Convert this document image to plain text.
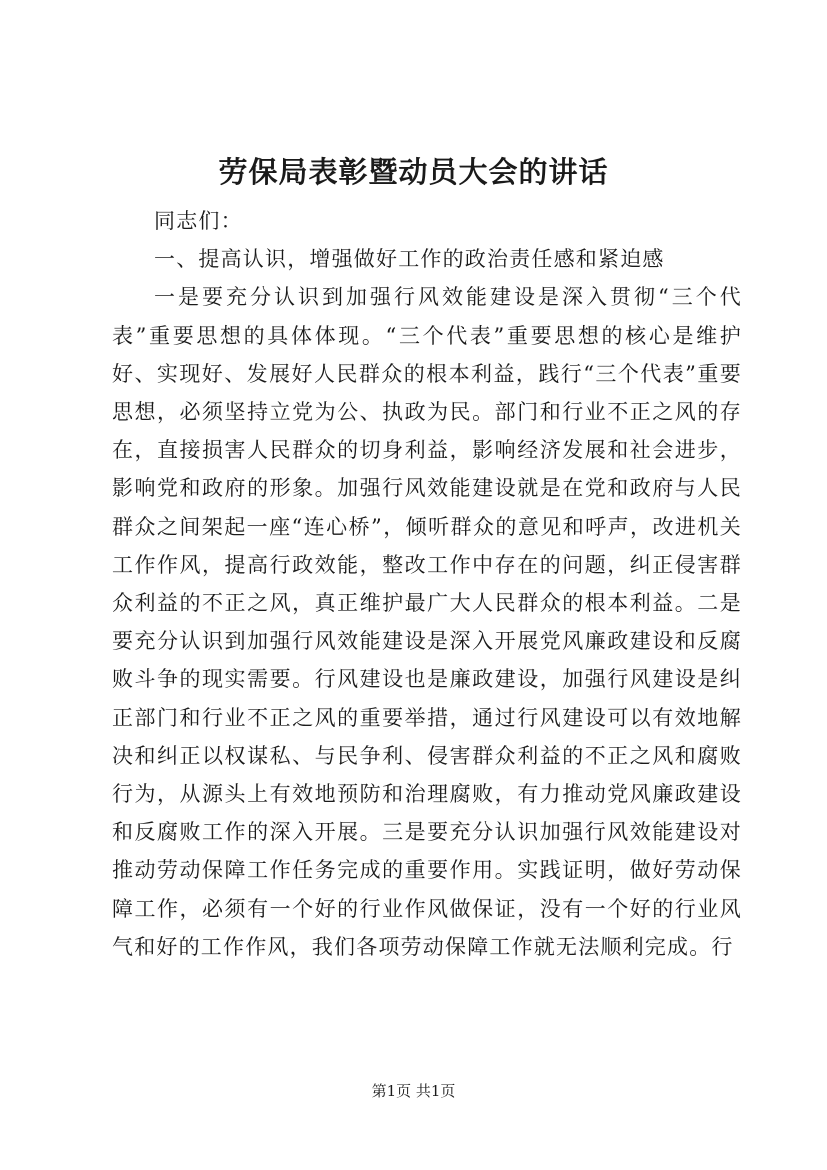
劳保局表彰暨动员大会的讲话

同志们：

一、提高认识，增强做好工作的政治责任感和紧迫感

一是要充分认识到加强行风效能建设是深入贯彻“三个代表”重要思想的具体体现。“三个代表”重要思想的核心是维护好、实现好、发展好人民群众的根本利益，践行“三个代表”重要思想，必须坚持立党为公、执政为民。部门和行业不正之风的存在，直接损害人民群众的切身利益，影响经济发展和社会进步，影响党和政府的形象。加强行风效能建设就是在党和政府与人民群众之间架起一座“连心桥”，倾听群众的意见和呼声，改进机关工作作风，提高行政效能，整改工作中存在的问题，纠正侵害群众利益的不正之风，真正维护最广大人民群众的根本利益。二是要充分认识到加强行风效能建设是深入开展党风廉政建设和反腐败斗争的现实需要。行风建设也是廉政建设，加强行风建设是纠正部门和行业不正之风的重要举措，通过行风建设可以有效地解决和纠正以权谋私、与民争利、侵害群众利益的不正之风和腐败行为，从源头上有效地预防和治理腐败，有力推动党风廉政建设和反腐败工作的深入开展。三是要充分认识加强行风效能建设对推动劳动保障工作任务完成的重要作用。实践证明，做好劳动保障工作，必须有一个好的行业作风做保证，没有一个好的行业风气和好的工作作风，我们各项劳动保障工作就无法顺利完成。行

第1页 共1页
